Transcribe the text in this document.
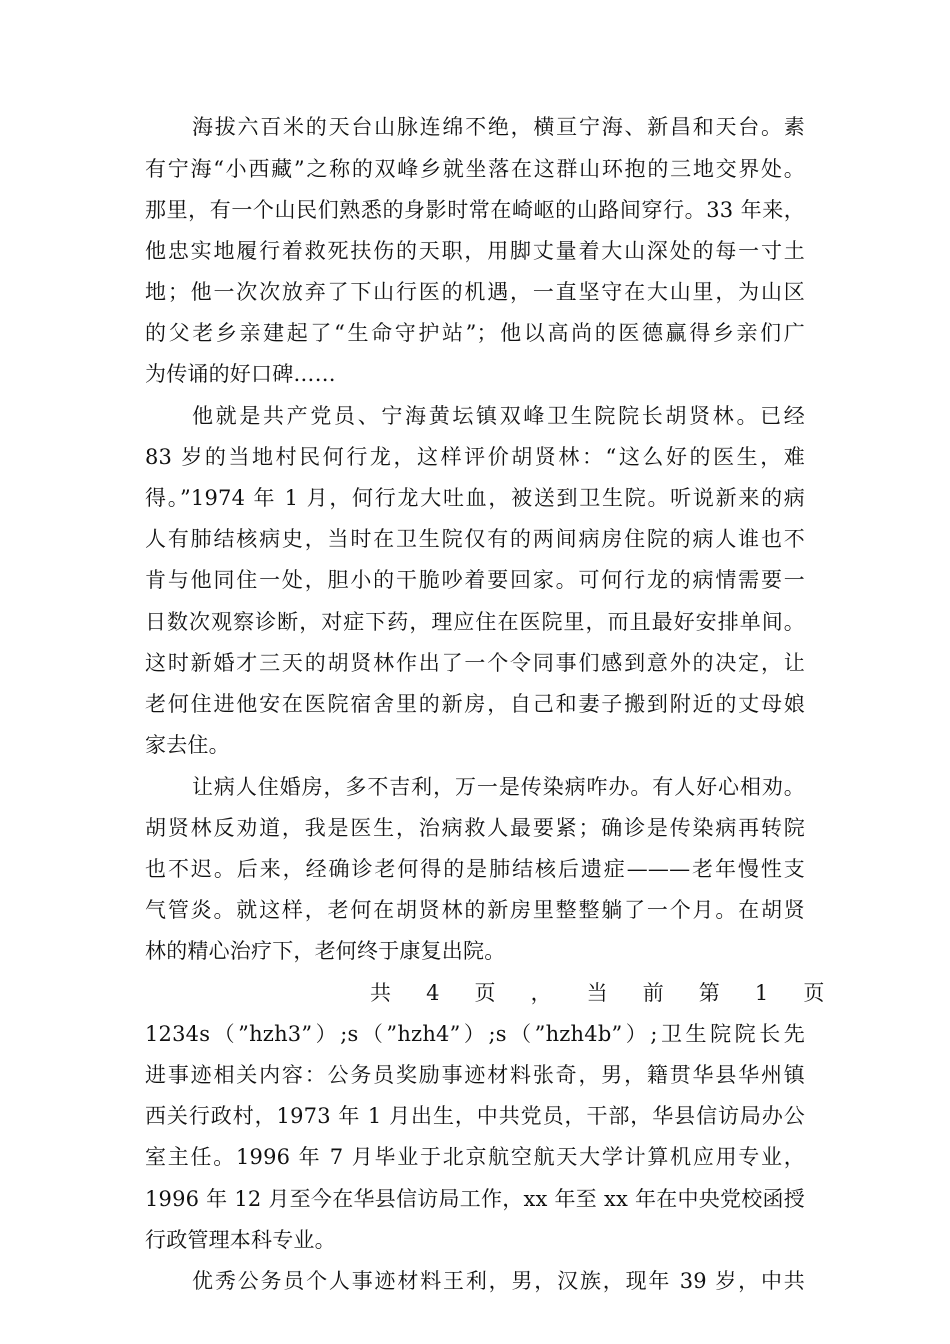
海拔六百米的天台山脉连绵不绝，横亘宁海、新昌和天台。素
有宁海“小西藏”之称的双峰乡就坐落在这群山环抱的三地交界处。
那里，有一个山民们熟悉的身影时常在崎岖的山路间穿行。33 年来，
他忠实地履行着救死扶伤的天职，用脚丈量着大山深处的每一寸土
地；他一次次放弃了下山行医的机遇，一直坚守在大山里，为山区
的父老乡亲建起了“生命守护站”；他以高尚的医德赢得乡亲们广
为传诵的好口碑……
他就是共产党员、宁海黄坛镇双峰卫生院院长胡贤林。已经
83 岁的当地村民何行龙，这样评价胡贤林：“这么好的医生，难
得。”1974 年 1 月，何行龙大吐血，被送到卫生院。听说新来的病
人有肺结核病史，当时在卫生院仅有的两间病房住院的病人谁也不
肯与他同住一处，胆小的干脆吵着要回家。可何行龙的病情需要一
日数次观察诊断，对症下药，理应住在医院里，而且最好安排单间。
这时新婚才三天的胡贤林作出了一个令同事们感到意外的决定，让
老何住进他安在医院宿舍里的新房，自己和妻子搬到附近的丈母娘
家去住。
让病人住婚房，多不吉利，万一是传染病咋办。有人好心相劝。
胡贤林反劝道，我是医生，治病救人最要紧；确诊是传染病再转院
也不迟。后来，经确诊老何得的是肺结核后遗症———老年慢性支
气管炎。就这样，老何在胡贤林的新房里整整躺了一个月。在胡贤
林的精心治疗下，老何终于康复出院。
共 4 页 ， 当 前 第 1 页
1234s（”hzh3”）;s（”hzh4”）;s（”hzh4b”）;卫生院院长先
进事迹相关内容：公务员奖励事迹材料张奇，男，籍贯华县华州镇
西关行政村，1973 年 1 月出生，中共党员，干部，华县信访局办公
室主任。1996 年 7 月毕业于北京航空航天大学计算机应用专业，
1996 年 12 月至今在华县信访局工作，xx 年至 xx 年在中央党校函授
行政管理本科专业。
优秀公务员个人事迹材料王利，男，汉族，现年 39 岁，中共
